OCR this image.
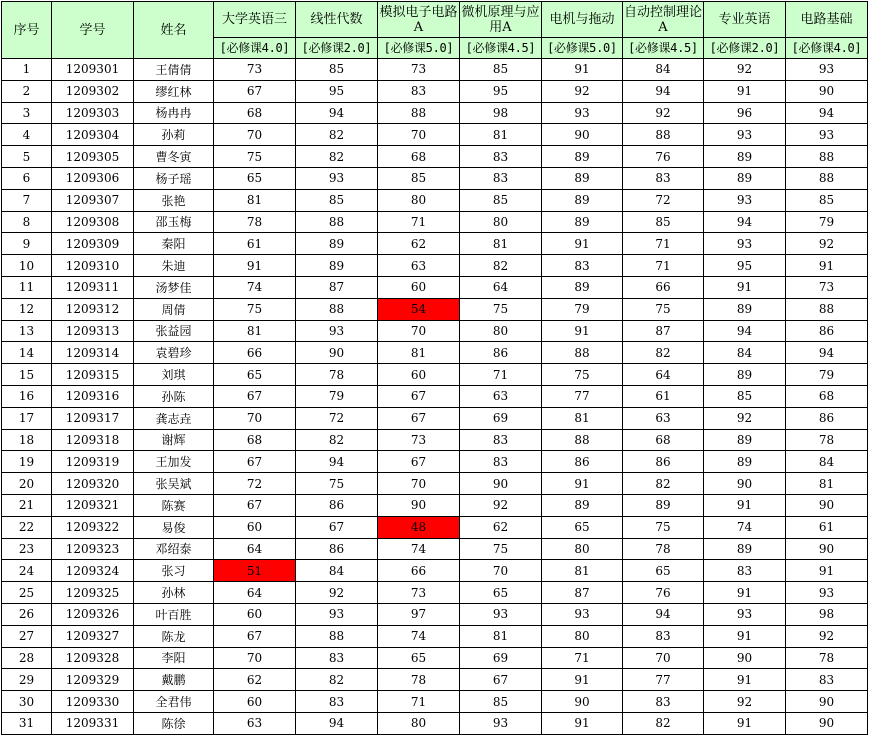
序号	学号	姓名	大学英语三	线性代数	模拟电子电路A	微机原理与应用A	电机与拖动	自动控制理论A	专业英语	电路基础
			[必修课4.0]	[必修课2.0]	[必修课5.0]	[必修课4.5]	[必修课5.0]	[必修课4.5]	[必修课2.0]	[必修课4.0]
1	1209301	王倩倩	73	85	73	85	91	84	92	93
2	1209302	缪红林	67	95	83	95	92	94	91	90
3	1209303	杨冉冉	68	94	88	98	93	92	96	94
4	1209304	孙莉	70	82	70	81	90	88	93	93
5	1209305	曹冬寅	75	82	68	83	89	76	89	88
6	1209306	杨子瑶	65	93	85	83	89	83	89	88
7	1209307	张艳	81	85	80	85	89	72	93	85
8	1209308	邵玉梅	78	88	71	80	89	85	94	79
9	1209309	秦阳	61	89	62	81	91	71	93	92
10	1209310	朱迪	91	89	63	82	83	71	95	91
11	1209311	汤梦佳	74	87	60	64	89	66	91	73
12	1209312	周倩	75	88	54	75	79	75	89	88
13	1209313	张益园	81	93	70	80	91	87	94	86
14	1209314	袁碧珍	66	90	81	86	88	82	84	94
15	1209315	刘琪	65	78	60	71	75	64	89	79
16	1209316	孙陈	67	79	67	63	77	61	85	68
17	1209317	龚志垚	70	72	67	69	81	63	92	86
18	1209318	谢辉	68	82	73	83	88	68	89	78
19	1209319	王加发	67	94	67	83	86	86	89	84
20	1209320	张吴斌	72	75	70	90	91	82	90	81
21	1209321	陈赛	67	86	90	92	89	89	91	90
22	1209322	易俊	60	67	48	62	65	75	74	61
23	1209323	邓绍泰	64	86	74	75	80	78	89	90
24	1209324	张习	51	84	66	70	81	65	83	91
25	1209325	孙林	64	92	73	65	87	76	91	93
26	1209326	叶百胜	60	93	97	93	93	94	93	98
27	1209327	陈龙	67	88	74	81	80	83	91	92
28	1209328	李阳	70	83	65	69	71	70	90	78
29	1209329	戴鹏	62	82	78	67	91	77	91	83
30	1209330	全君伟	60	83	71	85	90	83	92	90
31	1209331	陈徐	63	94	80	93	91	82	91	90
